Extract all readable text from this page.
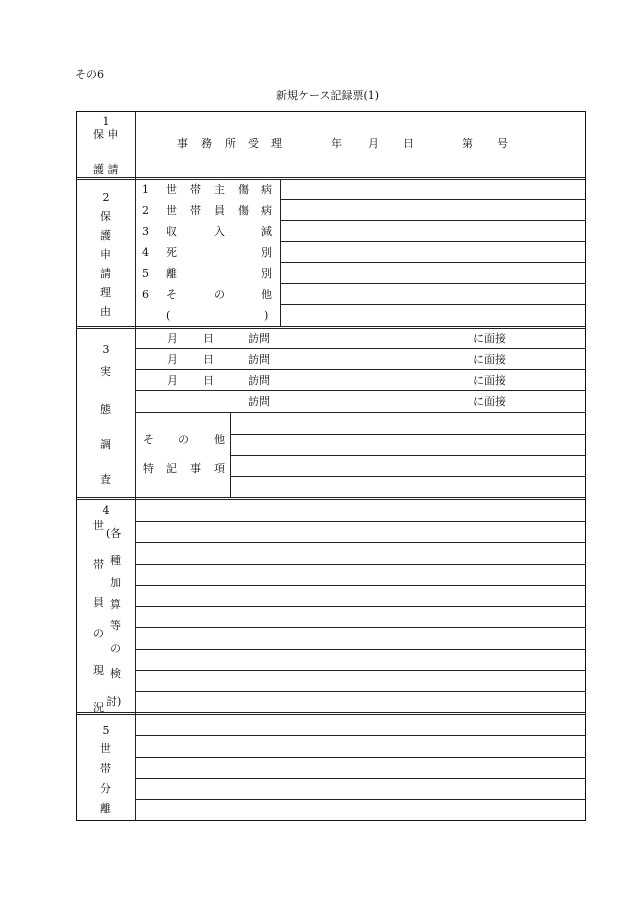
その6
新規ケース記録票(1)
1
保 申
護 請
事 務 所 受 理	年 月 日	第 号
2
保
護
申
請
理
由
1 世 帯 主 傷 病
2 世 帯 員 傷 病
3 収	入	減
4 死	別
5 離	別
6 そ	の	他
(	)
3
実
態
調
査
月 日	訪問	に面接
月 日	訪問	に面接
月 日	訪問	に面接
訪問	に面接
そ の 他
特 記 事 項
4
世
帯
員
の
現
況
(各
種
加
算
等
の
検
討)
5
世
帯
分
離
